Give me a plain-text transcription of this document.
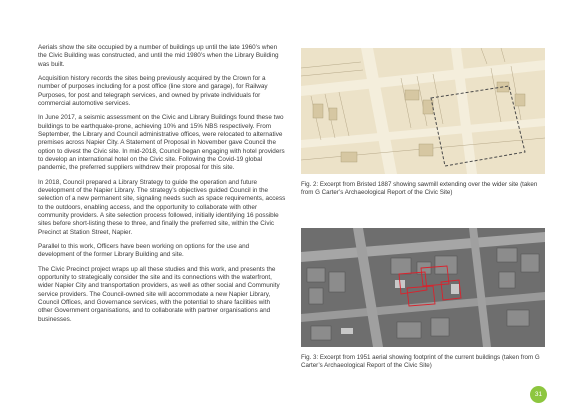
Aerials show the site occupied by a number of buildings up until the late 1960’s when the Civic Building was constructed, and until the mid 1980’s when the Library Building was built.

Acquisition history records the sites being previously acquired by the Crown for a number of purposes including for a post office (line store and garage), for Railway Purposes, for post and telegraph services, and owned by private individuals for commercial automotive services.

In June 2017, a seismic assessment on the Civic and Library Buildings found these two buildings to be earthquake-prone, achieving 10% and 15% NBS respectively. From September, the Library and Council administrative offices, were relocated to alternative premises across Napier City. A Statement of Proposal in November gave Council the option to divest the Civic site. In mid-2018, Council began engaging with hotel providers to develop an international hotel on the Civic site. Following the Covid-19 global pandemic, the preferred suppliers withdrew their proposal for this site.

In 2018, Council prepared a Library Strategy to guide the operation and future development of the Napier Library. The strategy’s objectives guided Council in the selection of a new permanent site, signaling needs such as space requirements, access to the outdoors, enabling access, and the opportunity to collaborate with other community providers. A site selection process followed, initially identifying 16 possible sites before short-listing these to three, and finally the preferred site, within the Civic Precinct at Station Street, Napier.

Parallel to this work, Officers have been working on options for the use and development of the former Library Building and site.

The Civic Precinct project wraps up all these studies and this work, and presents the opportunity to strategically consider the site and its connections with the waterfront, wider Napier City and transportation providers, as well as other social and Community service providers. The Council-owned site will accommodate a new Napier Library, Council Offices, and Governance services, with the potential to share facilities with other Government organisations, and to collaborate with partner organisations and businesses.

Fig. 2: Excerpt from Bristed 1887 showing sawmill extending over the wider site (taken from G Carter’s Archaeological Report of the Civic Site)

Fig. 3: Excerpt from 1951 aerial showing footprint of the current buildings (taken from G Carter’s Archaeological Report of the Civic Site)

31
